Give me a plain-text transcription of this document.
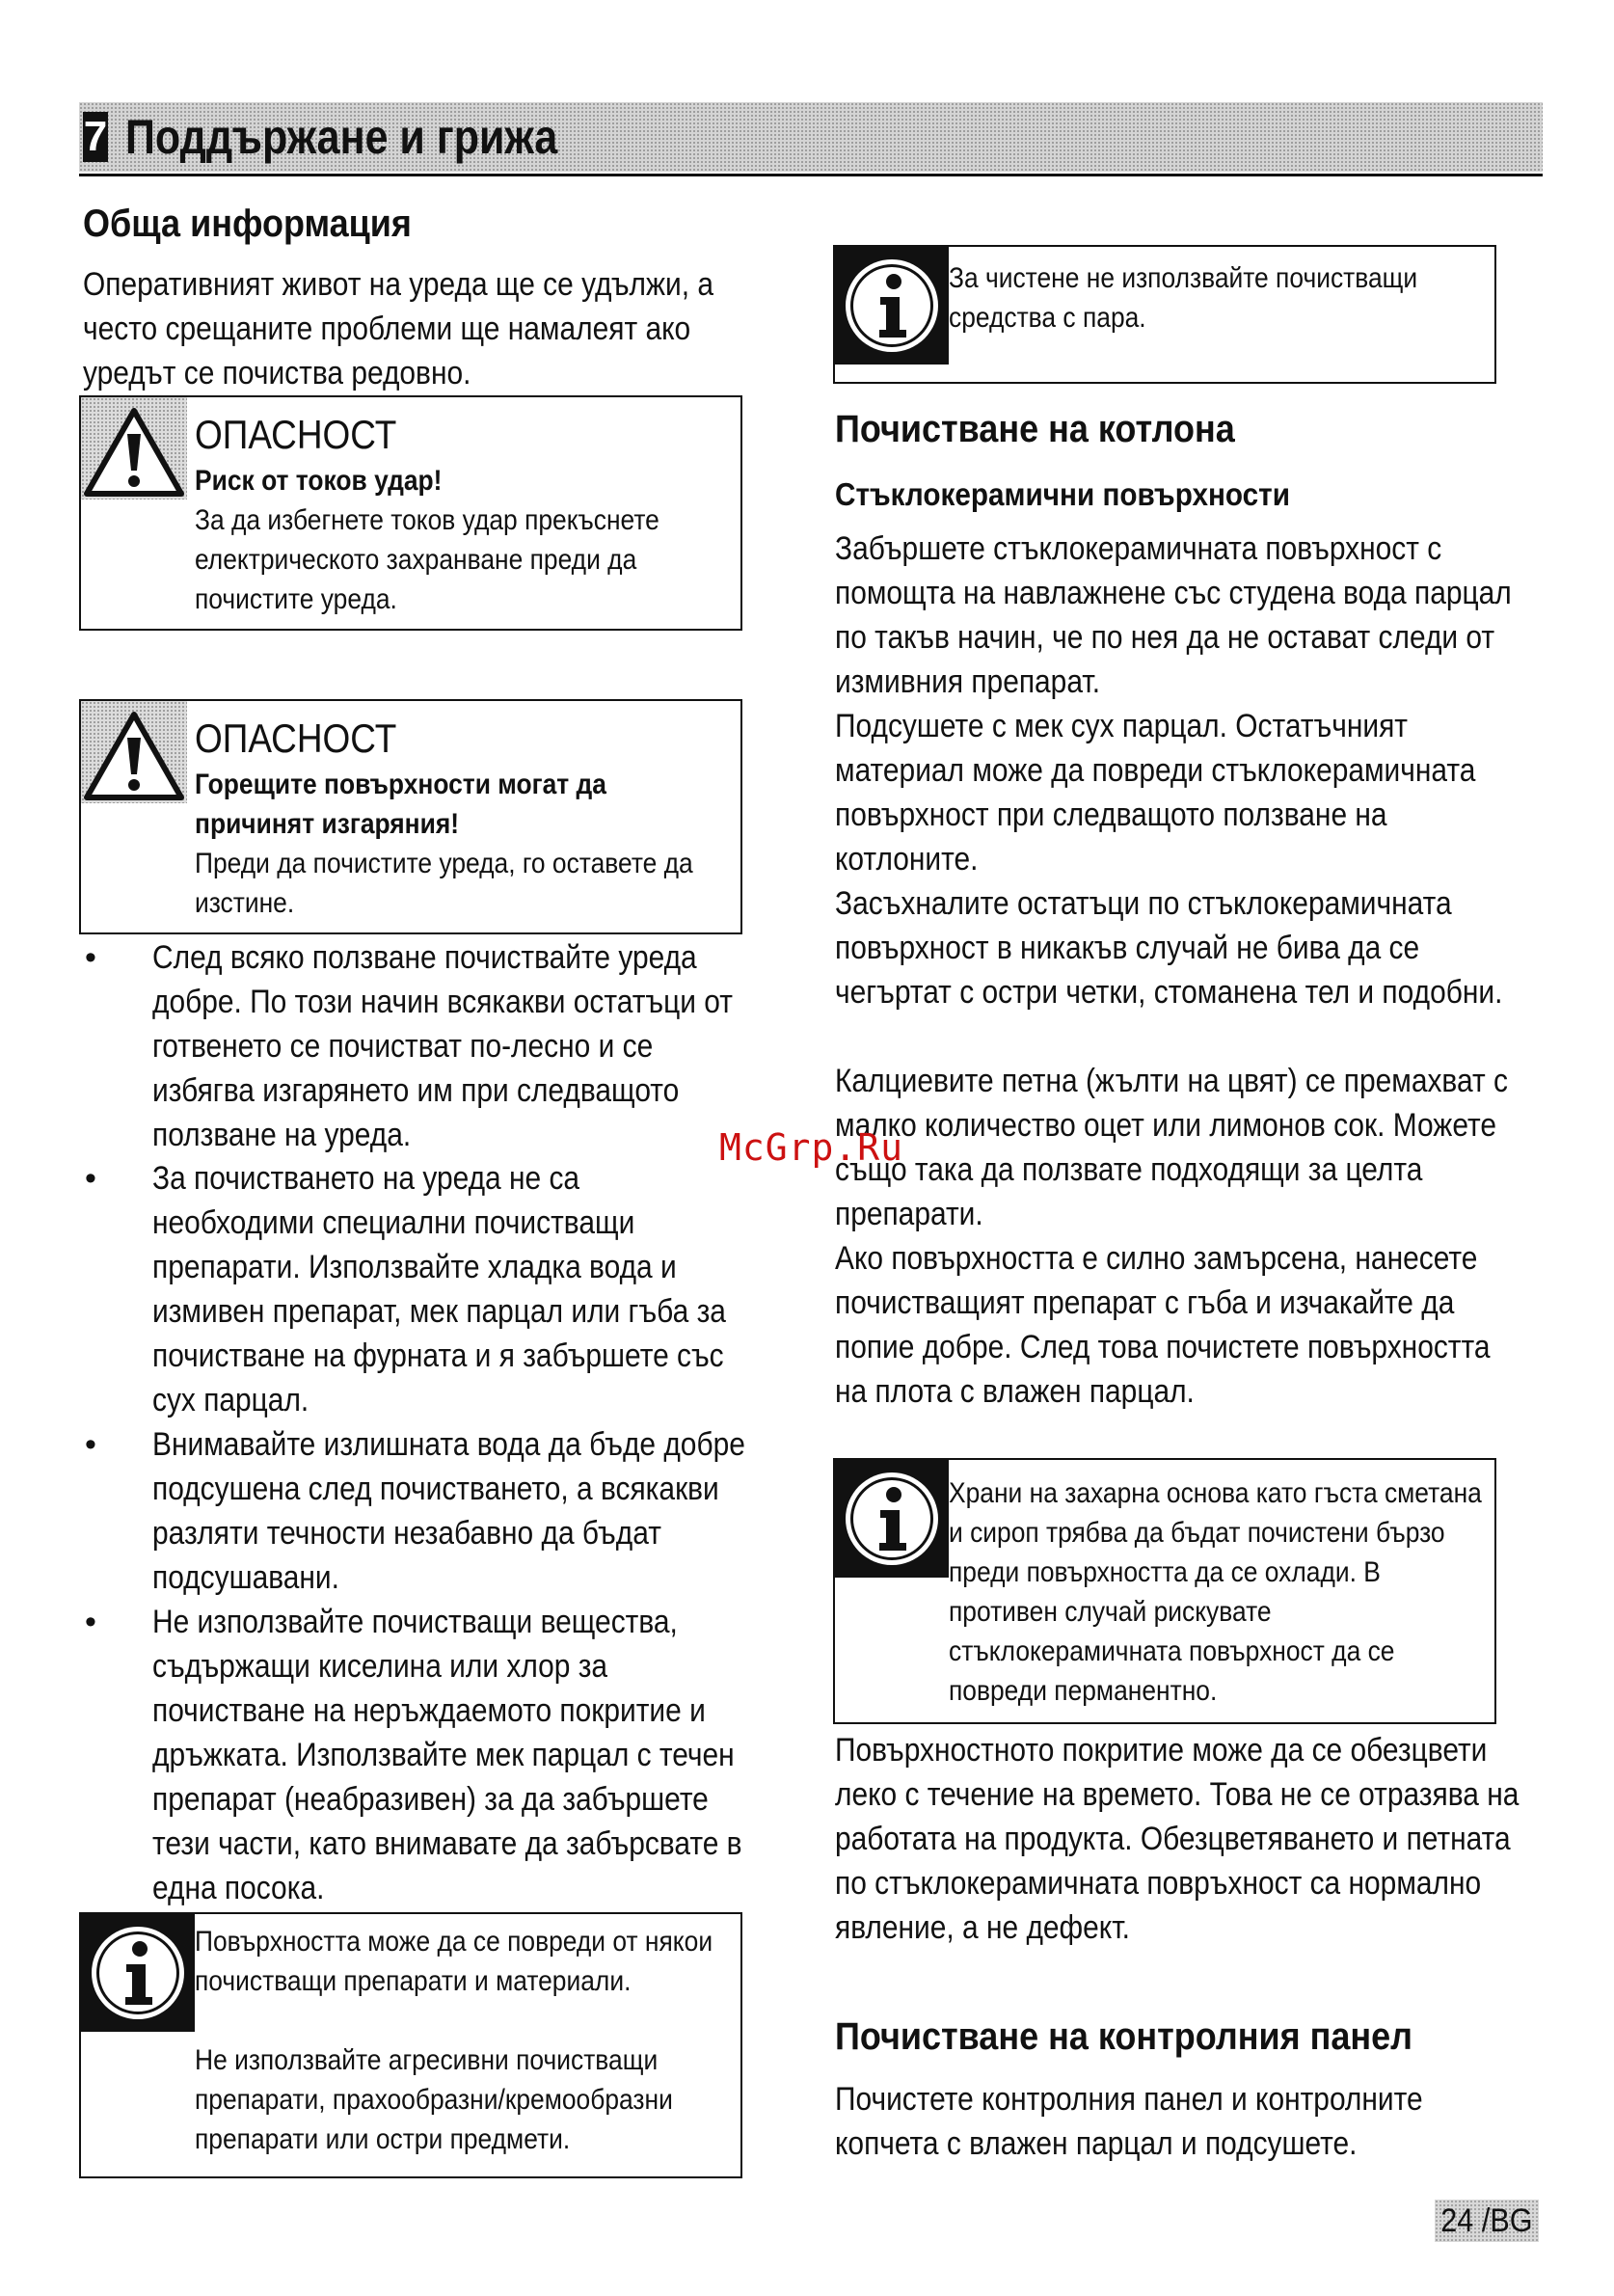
7 Поддържане и грижа
Обща информация
Оперативният живот на уреда ще се удължи, а често срещаните проблеми ще намалеят ако уредът се почиства редовно.
ОПАСНОСТ
Риск от токов удар!
За да избегнете токов удар прекъснете електрическото захранване преди да почистите уреда.
ОПАСНОСТ
Горещите повърхности могат да причинят изгаряния!
Преди да почистите уреда, го оставете да изстине.
• След всяко ползване почиствайте уреда добре. По този начин всякакви остатъци от готвенето се почистват по-лесно и се избягва изгарянето им при следващото ползване на уреда.
• За почистването на уреда не са необходими специални почистващи препарати. Използвайте хладка вода и измивен препарат, мек парцал или гъба за почистване на фурната и я забършете със сух парцал.
• Внимавайте излишната вода да бъде добре подсушена след почистването, а всякакви разляти течности незабавно да бъдат подсушавани.
• Не използвайте почистващи вещества, съдържащи киселина или хлор за почистване на неръждаемото покритие и дръжката. Използвайте мек парцал с течен препарат (неабразивен) за да забършете тези части, като внимавате да забърсвате в една посока.
Повърхността може да се повреди от някои почистващи препарати и материали.
Не използвайте агресивни почистващи препарати, прахообразни/кремообразни препарати или остри предмети.
За чистене не използвайте почистващи средства с пара.
Почистване на котлона
Стъклокерамични повърхности
Забършете стъклокерамичната повърхност с помощта на навлажнене със студена вода парцал по такъв начин, че по нея да не остават следи от измивния препарат.
Подсушете с мек сух парцал. Остатъчният материал може да повреди стъклокерамичната повърхност при следващото ползване на котлоните.
Засъхналите остатъци по стъклокерамичната повърхност в никакъв случай не бива да се чегъртат с остри четки, стоманена тел и подобни.
Калциевите петна (жълти на цвят) се премахват с малко количество оцет или лимонов сок. Можете също така да ползвате подходящи за целта препарати.
Ако повърхността е силно замърсена, нанесете почистващият препарат с гъба и изчакайте да попие добре. След това почистете повърхността на плота с влажен парцал.
Храни на захарна основа като гъста сметана и сироп трябва да бъдат почистени бързо преди повърхността да се охлади. В противен случай рискувате стъклокерамичната повърхност да се повреди перманентно.
Повърхностното покритие може да се обезцвети леко с течение на времето. Това не се отразява на работата на продукта. Обезцветяването и петната по стъклокерамичната повръхност са нормално явление, а не дефект.
Почистване на контролния панел
Почистете контролния панел и контролните копчета с влажен парцал и подсушете.
McGrp.Ru
24 /BG
